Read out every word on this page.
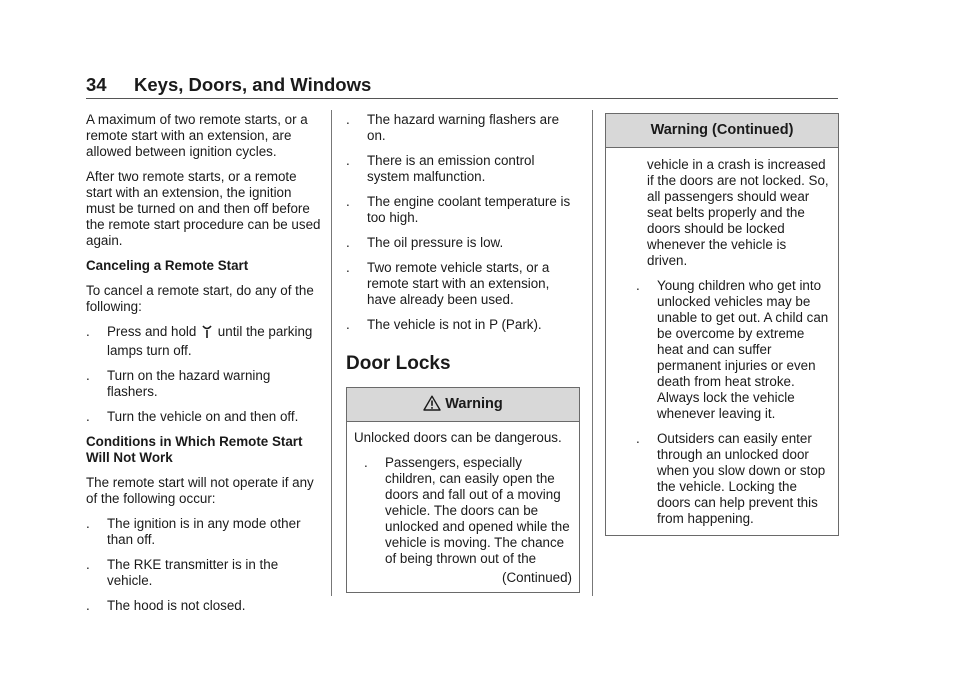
34 Keys, Doors, and Windows

A maximum of two remote starts, or a remote start with an extension, are allowed between ignition cycles.

After two remote starts, or a remote start with an extension, the ignition must be turned on and then off before the remote start procedure can be used again.

Canceling a Remote Start

To cancel a remote start, do any of the following:

. Press and hold until the parking lamps turn off.
. Turn on the hazard warning flashers.
. Turn the vehicle on and then off.

Conditions in Which Remote Start Will Not Work

The remote start will not operate if any of the following occur:

. The ignition is in any mode other than off.
. The RKE transmitter is in the vehicle.
. The hood is not closed.
. The hazard warning flashers are on.
. There is an emission control system malfunction.
. The engine coolant temperature is too high.
. The oil pressure is low.
. Two remote vehicle starts, or a remote start with an extension, have already been used.
. The vehicle is not in P (Park).
Door Locks
Warning

Unlocked doors can be dangerous.

. Passengers, especially children, can easily open the doors and fall out of a moving vehicle. The doors can be unlocked and opened while the vehicle is moving. The chance of being thrown out of the

(Continued)

Warning (Continued)

vehicle in a crash is increased if the doors are not locked. So, all passengers should wear seat belts properly and the doors should be locked whenever the vehicle is driven.

. Young children who get into unlocked vehicles may be unable to get out. A child can be overcome by extreme heat and can suffer permanent injuries or even death from heat stroke. Always lock the vehicle whenever leaving it.
. Outsiders can easily enter through an unlocked door when you slow down or stop the vehicle. Locking the doors can help prevent this from happening.
